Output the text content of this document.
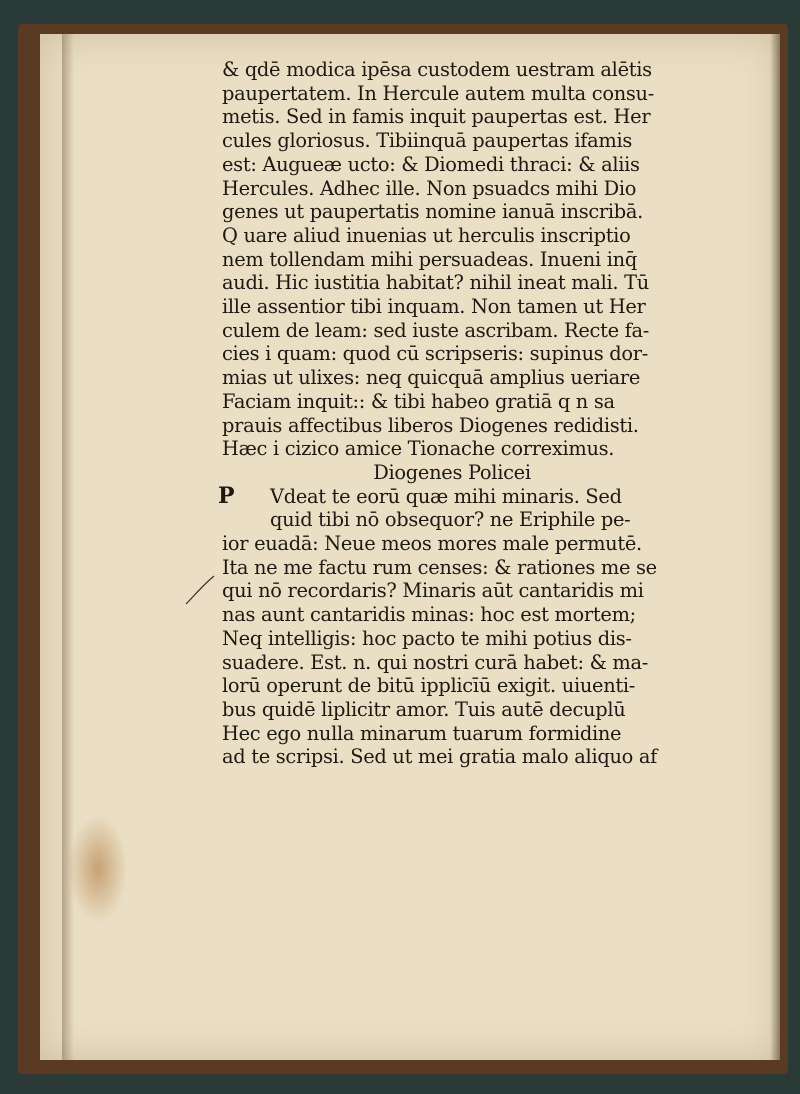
& qdē modica ipēsa custodem uestram alētis
paupertatem. In Hercule autem multa consu-
metis. Sed in famis inquit paupertas est. Her
cules gloriosus. Tibiinquā paupertas ifamis
est: Augueæ ucto: & Diomedi thraci: & aliis
Hercules. Adhec ille. Non psuadcs mihi Dio
genes ut paupertatis nomine ianuā inscribā.
Q uare aliud inuenias ut herculis inscriptio
nem tollendam mihi persuadeas. Inueni inq̄
audi. Hic iustitia habitat? nihil ineat mali. Tū
ille assentior tibi inquam. Non tamen ut Her
culem de leam: sed iuste ascribam. Recte fa-
cies i quam: quod cū scripseris: supinus dor-
mias ut ulixes: neq quicquā amplius ueriare
Faciam inquit:: & tibi habeo gratiā q n sa
prauis affectibus liberos Diogenes redidisti.
Hæc i cizico amice Tionache correximus.
Diogenes Policei
P Vdeat te eorū quæ mihi minaris. Sed
quid tibi nō obsequor? ne Eriphile pe-
ior euadā: Neue meos mores male permutē.
Ita ne me factu rum censes: & rationes me se
qui nō recordaris? Minaris aūt cantaridis mi
nas aunt cantaridis minas: hoc est mortem;
Neq intelligis: hoc pacto te mihi potius dis-
suadere. Est. n. qui nostri curā habet: & ma-
lorū operunt de bitū ipplicīū exigit. uiuenti-
bus quidē liplicitr amor. Tuis autē decuplū
Hec ego nulla minarum tuarum formidine
ad te scripsi. Sed ut mei gratia malo aliquo af
